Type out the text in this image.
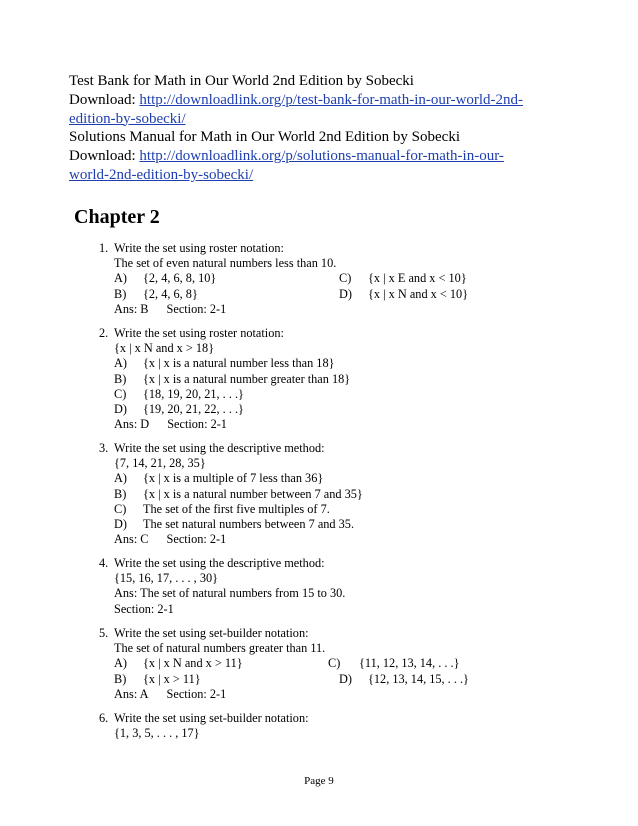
Test Bank for Math in Our World 2nd Edition by Sobecki
Download: http://downloadlink.org/p/test-bank-for-math-in-our-world-2nd-
edition-by-sobecki/
Solutions Manual for Math in Our World 2nd Edition by Sobecki
Download: http://downloadlink.org/p/solutions-manual-for-math-in-our-
world-2nd-edition-by-sobecki/
Chapter 2
1. Write the set using roster notation:
The set of even natural numbers less than 10.
A) {2, 4, 6, 8, 10}	C) {x | x E and x < 10}
B) {2, 4, 6, 8}	D) {x | x N and x < 10}
Ans: B Section: 2-1
2. Write the set using roster notation:
{x | x N and x > 18}
A) {x | x is a natural number less than 18}
B) {x | x is a natural number greater than 18}
C) {18, 19, 20, 21, . . .}
D) {19, 20, 21, 22, . . .}
Ans: D Section: 2-1
3. Write the set using the descriptive method:
{7, 14, 21, 28, 35}
A) {x | x is a multiple of 7 less than 36}
B) {x | x is a natural number between 7 and 35}
C) The set of the first five multiples of 7.
D) The set natural numbers between 7 and 35.
Ans: C Section: 2-1
4. Write the set using the descriptive method:
{15, 16, 17, . . . , 30}
Ans: The set of natural numbers from 15 to 30.
Section: 2-1
5. Write the set using set-builder notation:
The set of natural numbers greater than 11.
A) {x | x N and x > 11}	C) {11, 12, 13, 14, . . .}
B) {x | x > 11}	D) {12, 13, 14, 15, . . .}
Ans: A Section: 2-1
6. Write the set using set-builder notation:
{1, 3, 5, . . . , 17}
Page 9
